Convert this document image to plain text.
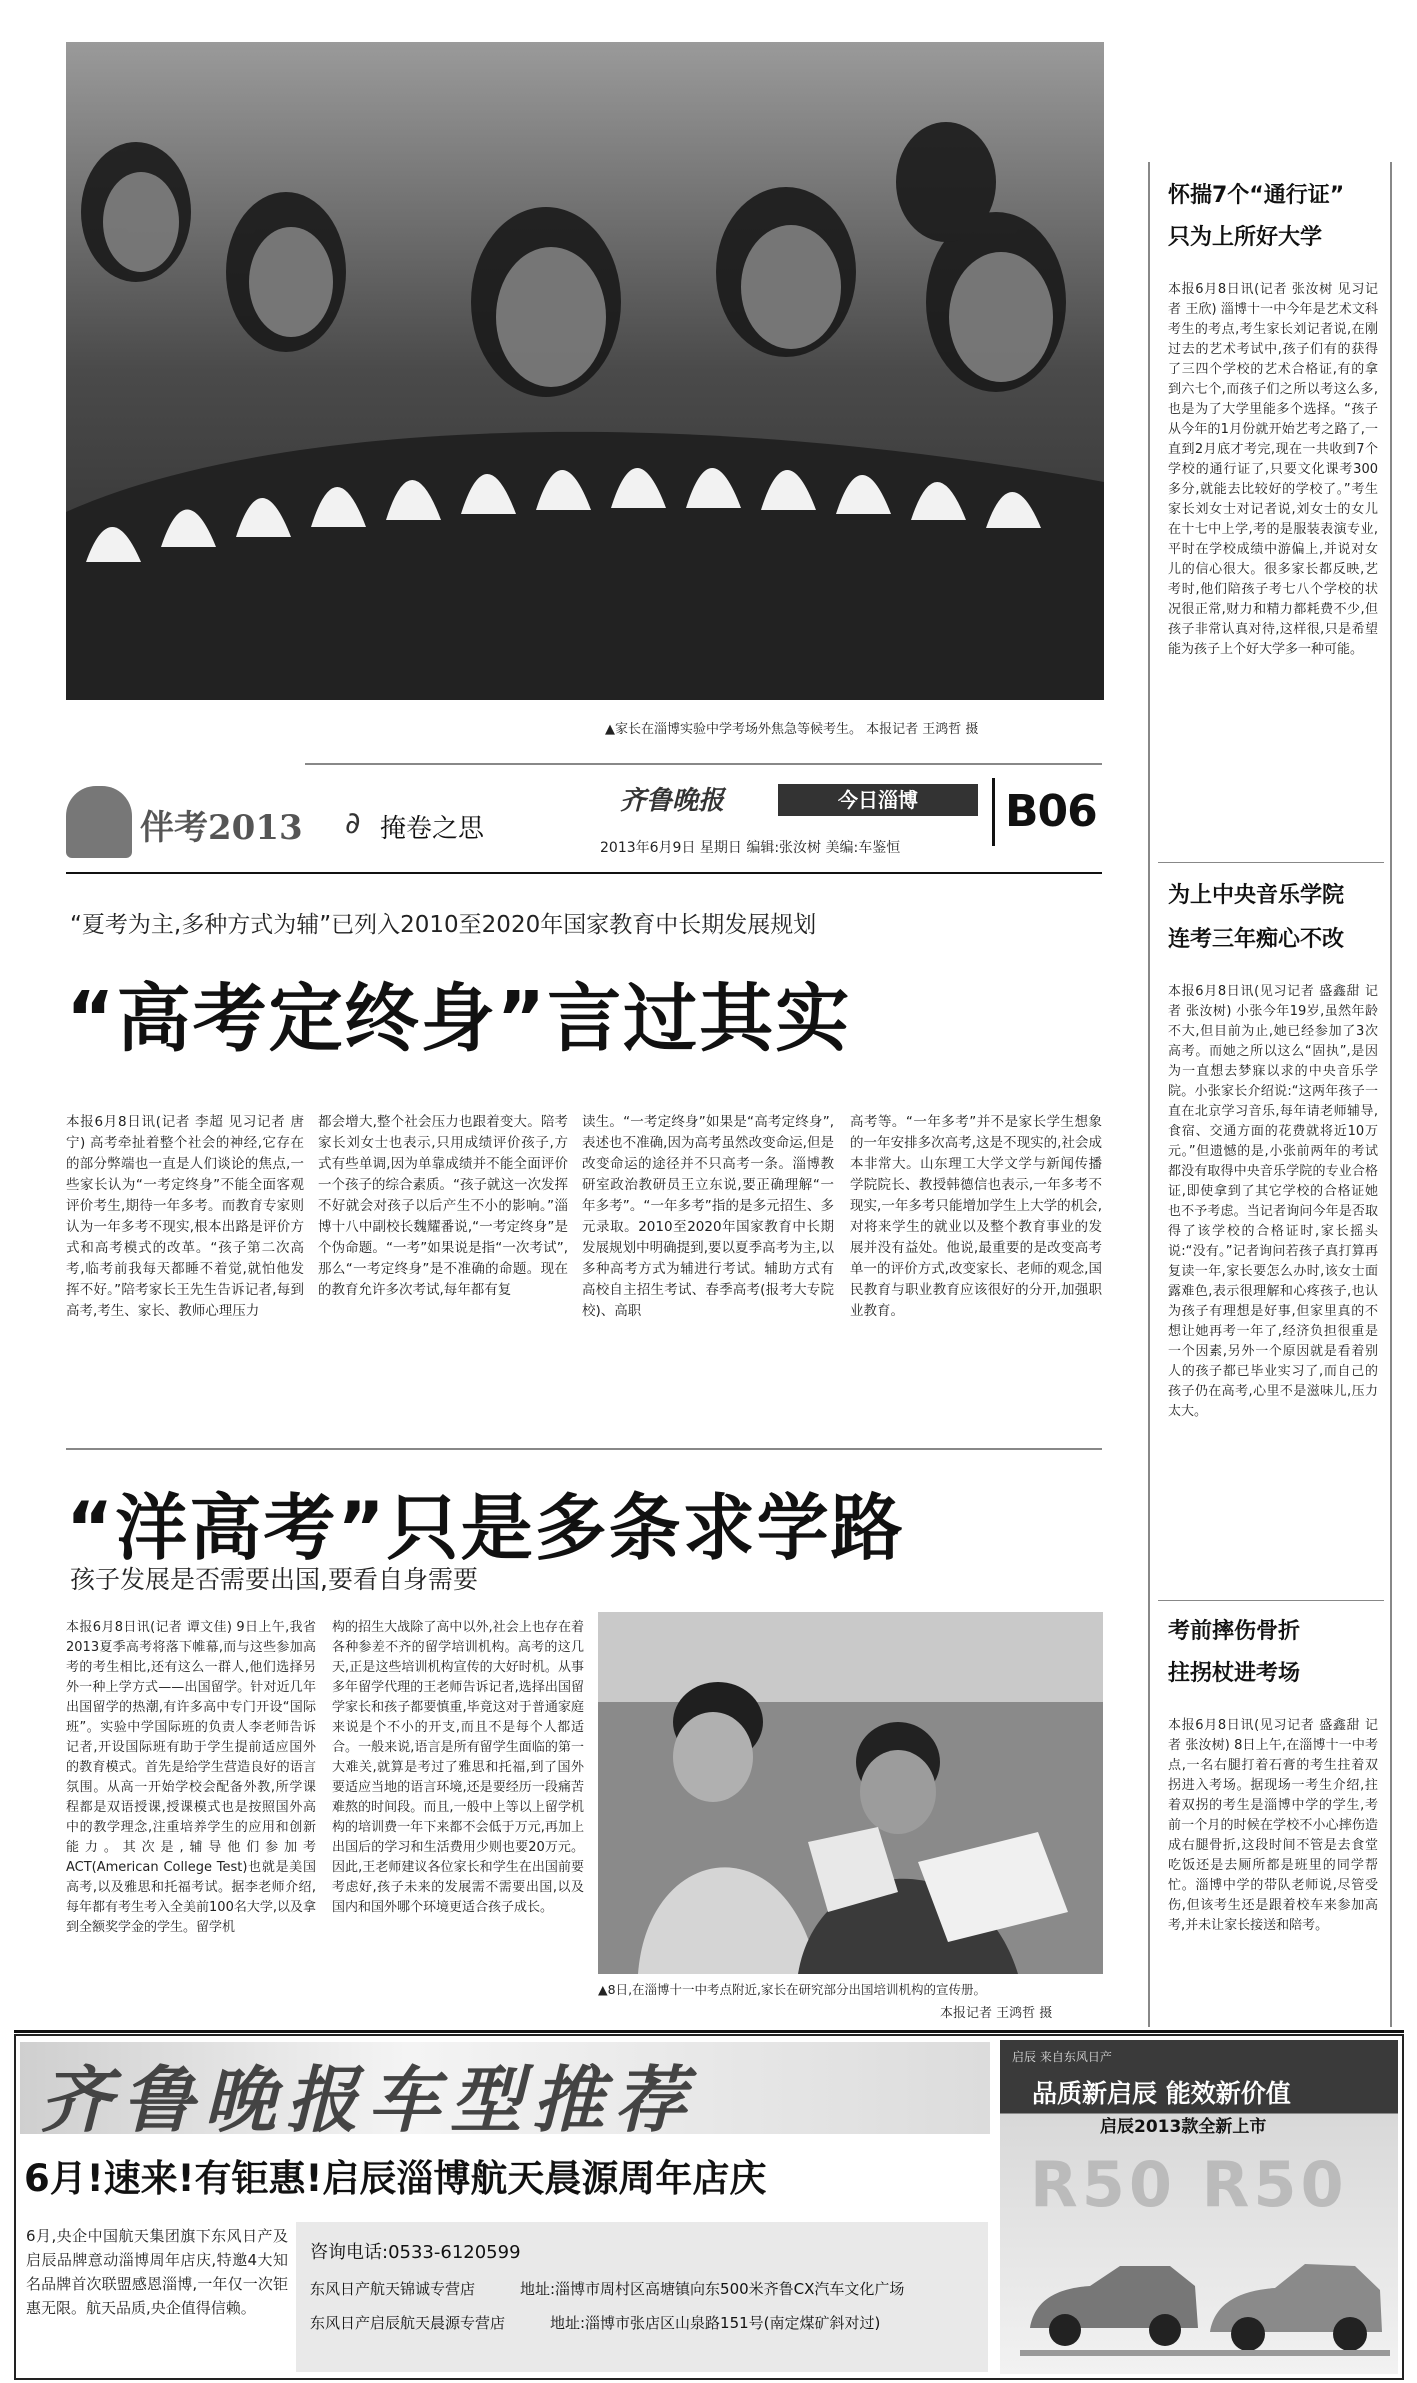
▲家长在淄博实验中学考场外焦急等候考生。 本报记者 王鸿哲 摄
伴考2013 ∂ 掩卷之思
齐鲁晚报	今日淄博	B06
2013年6月9日 星期日 编辑:张汝树 美编:车鉴恒
“夏考为主,多种方式为辅”已列入2010至2020年国家教育中长期发展规划
“高考定终身”言过其实
本报6月8日讯(记者 李超 见习记者 唐宁) 高考牵扯着整个社会的神经,它存在的部分弊端也一直是人们谈论的焦点,一些家长认为“一考定终身”不能全面客观评价考生,期待一年多考。而教育专家则认为一年多考不现实,根本出路是评价方式和高考模式的改革。“孩子第二次高考,临考前我每天都睡不着觉,就怕他发挥不好。”陪考家长王先生告诉记者,每到高考,考生、家长、教师心理压力
都会增大,整个社会压力也跟着变大。陪考家长刘女士也表示,只用成绩评价孩子,方式有些单调,因为单靠成绩并不能全面评价一个孩子的综合素质。“孩子就这一次发挥不好就会对孩子以后产生不小的影响。”淄博十八中副校长魏耀番说,“一考定终身”是个伪命题。“一考”如果说是指“一次考试”,那么“一考定终身”是不准确的命题。现在的教育允许多次考试,每年都有复
读生。“一考定终身”如果是“高考定终身”,表述也不准确,因为高考虽然改变命运,但是改变命运的途径并不只高考一条。淄博教研室政治教研员王立东说,要正确理解“一年多考”。“一年多考”指的是多元招生、多元录取。2010至2020年国家教育中长期发展规划中明确提到,要以夏季高考为主,以多种高考方式为辅进行考试。辅助方式有高校自主招生考试、春季高考(报考大专院校)、高职
高考等。“一年多考”并不是家长学生想象的一年安排多次高考,这是不现实的,社会成本非常大。山东理工大学文学与新闻传播学院院长、教授韩德信也表示,一年多考不现实,一年多考只能增加学生上大学的机会,对将来学生的就业以及整个教育事业的发展并没有益处。他说,最重要的是改变高考单一的评价方式,改变家长、老师的观念,国民教育与职业教育应该很好的分开,加强职业教育。
“洋高考”只是多条求学路
孩子发展是否需要出国,要看自身需要
本报6月8日讯(记者 谭文佳) 9日上午,我省2013夏季高考将落下帷幕,而与这些参加高考的考生相比,还有这么一群人,他们选择另外一种上学方式——出国留学。针对近几年出国留学的热潮,有许多高中专门开设“国际班”。实验中学国际班的负责人李老师告诉记者,开设国际班有助于学生提前适应国外的教育模式。首先是给学生营造良好的语言氛围。从高一开始学校会配备外教,所学课程都是双语授课,授课模式也是按照国外高中的教学理念,注重培养学生的应用和创新能力。其次是,辅导他们参加考ACT(American College Test)也就是美国高考,以及雅思和托福考试。据李老师介绍,每年都有考生考入全美前100名大学,以及拿到全额奖学金的学生。留学机
构的招生大战除了高中以外,社会上也存在着各种参差不齐的留学培训机构。高考的这几天,正是这些培训机构宣传的大好时机。从事多年留学代理的王老师告诉记者,选择出国留学家长和孩子都要慎重,毕竟这对于普通家庭来说是个不小的开支,而且不是每个人都适合。一般来说,语言是所有留学生面临的第一大难关,就算是考过了雅思和托福,到了国外要适应当地的语言环境,还是要经历一段痛苦难熬的时间段。而且,一般中上等以上留学机构的培训费一年下来都不会低于万元,再加上出国后的学习和生活费用少则也要20万元。因此,王老师建议各位家长和学生在出国前要考虑好,孩子未来的发展需不需要出国,以及国内和国外哪个环境更适合孩子成长。
▲8日,在淄博十一中考点附近,家长在研究部分出国培训机构的宣传册。
本报记者 王鸿哲 摄
怀揣7个“通行证”
只为上所好大学
本报6月8日讯(记者 张汝树 见习记者 王欣) 淄博十一中今年是艺术文科考生的考点,考生家长刘记者说,在刚过去的艺术考试中,孩子们有的获得了三四个学校的艺术合格证,有的拿到六七个,而孩子们之所以考这么多,也是为了大学里能多个选择。“孩子从今年的1月份就开始艺考之路了,一直到2月底才考完,现在一共收到7个学校的通行证了,只要文化课考300多分,就能去比较好的学校了。”考生家长刘女士对记者说,刘女士的女儿在十七中上学,考的是服装表演专业,平时在学校成绩中游偏上,并说对女儿的信心很大。很多家长都反映,艺考时,他们陪孩子考七八个学校的状况很正常,财力和精力都耗费不少,但孩子非常认真对待,这样很,只是希望能为孩子上个好大学多一种可能。
为上中央音乐学院
连考三年痴心不改
本报6月8日讯(见习记者 盛鑫甜 记者 张汝树) 小张今年19岁,虽然年龄不大,但目前为止,她已经参加了3次高考。而她之所以这么“固执”,是因为一直想去梦寐以求的中央音乐学院。小张家长介绍说:“这两年孩子一直在北京学习音乐,每年请老师辅导,食宿、交通方面的花费就将近10万元。”但遗憾的是,小张前两年的考试都没有取得中央音乐学院的专业合格证,即使拿到了其它学校的合格证她也不予考虑。当记者询问今年是否取得了该学校的合格证时,家长摇头说:“没有。”记者询问若孩子真打算再复读一年,家长要怎么办时,该女士面露难色,表示很理解和心疼孩子,也认为孩子有理想是好事,但家里真的不想让她再考一年了,经济负担很重是一个因素,另外一个原因就是看着别人的孩子都已毕业实习了,而自己的孩子仍在高考,心里不是滋味儿,压力太大。
考前摔伤骨折
拄拐杖进考场
本报6月8日讯(见习记者 盛鑫甜 记者 张汝树) 8日上午,在淄博十一中考点,一名右腿打着石膏的考生拄着双拐进入考场。据现场一考生介绍,拄着双拐的考生是淄博中学的学生,考前一个月的时候在学校不小心摔伤造成右腿骨折,这段时间不管是去食堂吃饭还是去厕所都是班里的同学帮忙。淄博中学的带队老师说,尽管受伤,但该考生还是跟着校车来参加高考,并未让家长接送和陪考。
齐鲁晚报车型推荐
6月!速来!有钜惠!启辰淄博航天晨源周年店庆
6月,央企中国航天集团旗下东风日产及启辰品牌意动淄博周年店庆,特邀4大知名品牌首次联盟感恩淄博,一年仅一次钜惠无限。航天品质,央企值得信赖。
咨询电话:0533-6120599
东风日产航天锦诚专营店	地址:淄博市周村区高塘镇向东500米齐鲁CX汽车文化广场
东风日产启辰航天晨源专营店	地址:淄博市张店区山泉路151号(南定煤矿斜对过)
启辰 来自东风日产
品质新启辰 能效新价值
启辰2013款全新上市
R50 R50
